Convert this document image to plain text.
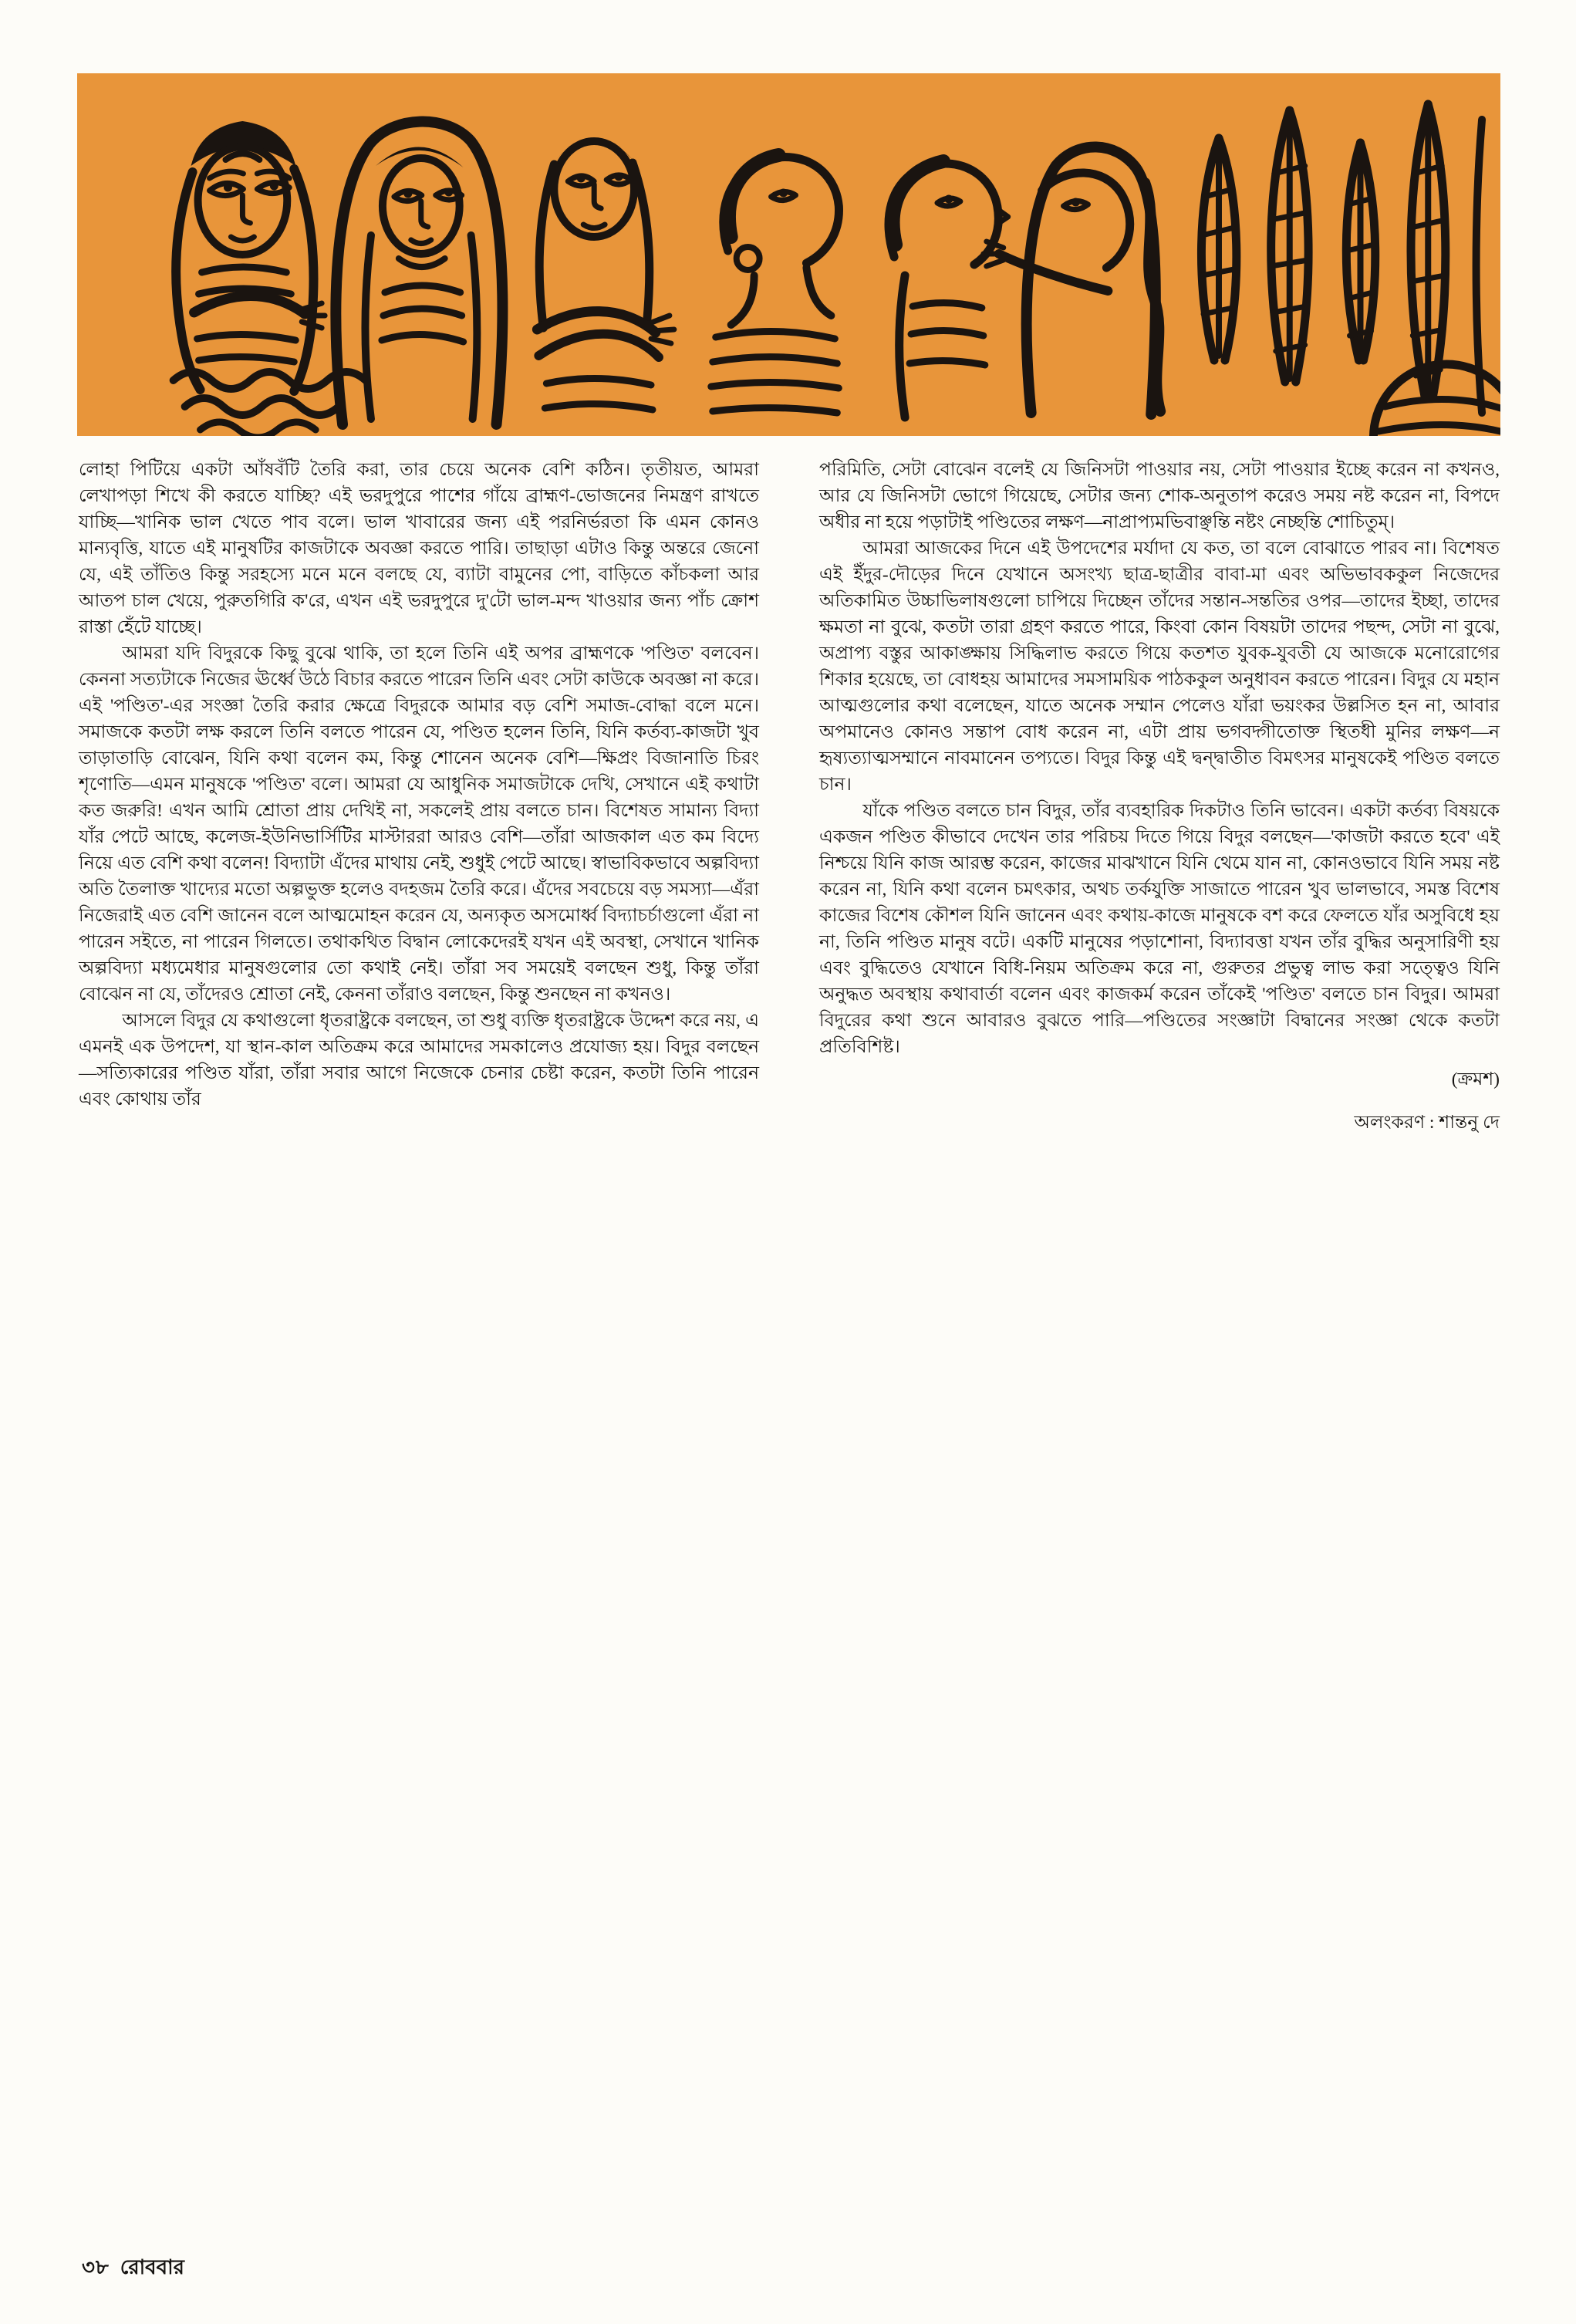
লোহা পিটিয়ে একটা আঁষবঁটি তৈরি করা, তার চেয়ে অনেক বেশি কঠিন। তৃতীয়ত, আমরা লেখাপড়া শিখে কী করতে যাচ্ছি? এই ভরদুপুরে পাশের গাঁয়ে ব্রাহ্মণ-ভোজনের নিমন্ত্রণ রাখতে যাচ্ছি—খানিক ভাল খেতে পাব বলে। ভাল খাবারের জন্য এই পরনির্ভরতা কি এমন কোনও মান্যবৃত্তি, যাতে এই মানুষটির কাজটাকে অবজ্ঞা করতে পারি। তাছাড়া এটাও কিন্তু অন্তরে জেনো যে, এই তাঁতিও কিন্তু সরহস্যে মনে মনে বলছে যে, ব্যাটা বামুনের পো, বাড়িতে কাঁচকলা আর আতপ চাল খেয়ে, পুরুতগিরি ক'রে, এখন এই ভরদুপুরে দু'টো ভাল-মন্দ খাওয়ার জন্য পাঁচ ক্রোশ রাস্তা হেঁটে যাচ্ছে।

আমরা যদি বিদুরকে কিছু বুঝে থাকি, তা হলে তিনি এই অপর ব্রাহ্মণকে 'পণ্ডিত' বলবেন। কেননা সত্যটাকে নিজের ঊর্ধ্বে উঠে বিচার করতে পারেন তিনি এবং সেটা কাউকে অবজ্ঞা না করে। এই 'পণ্ডিত'-এর সংজ্ঞা তৈরি করার ক্ষেত্রে বিদুরকে আমার বড় বেশি সমাজ-বোদ্ধা বলে মনে। সমাজকে কতটা লক্ষ করলে তিনি বলতে পারেন যে, পণ্ডিত হলেন তিনি, যিনি কর্তব্য-কাজটা খুব তাড়াতাড়ি বোঝেন, যিনি কথা বলেন কম, কিন্তু শোনেন অনেক বেশি—ক্ষিপ্রং বিজানাতি চিরং শৃণোতি—এমন মানুষকে 'পণ্ডিত' বলে। আমরা যে আধুনিক সমাজটাকে দেখি, সেখানে এই কথাটা কত জরুরি! এখন আমি শ্রোতা প্রায় দেখিই না, সকলেই প্রায় বলতে চান। বিশেষত সামান্য বিদ্যা যাঁর পেটে আছে, কলেজ-ইউনিভার্সিটির মাস্টাররা আরও বেশি—তাঁরা আজকাল এত কম বিদ্যে নিয়ে এত বেশি কথা বলেন! বিদ্যাটা এঁদের মাথায় নেই, শুধুই পেটে আছে। স্বাভাবিকভাবে অল্পবিদ্যা অতি তৈলাক্ত খাদ্যের মতো অল্পভুক্ত হলেও বদহজম তৈরি করে। এঁদের সবচেয়ে বড় সমস্যা—এঁরা নিজেরাই এত বেশি জানেন বলে আত্মমোহন করেন যে, অন্যকৃত অসমোর্ধ্ব বিদ্যাচর্চাগুলো এঁরা না পারেন সইতে, না পারেন গিলতে। তথাকথিত বিদ্বান লোকেদেরই যখন এই অবস্থা, সেখানে খানিক অল্পবিদ্যা মধ্যমেধার মানুষগুলোর তো কথাই নেই। তাঁরা সব সময়েই বলছেন শুধু, কিন্তু তাঁরা বোঝেন না যে, তাঁদেরও শ্রোতা নেই, কেননা তাঁরাও বলছেন, কিন্তু শুনছেন না কখনও।

আসলে বিদুর যে কথাগুলো ধৃতরাষ্ট্রকে বলছেন, তা শুধু ব্যক্তি ধৃতরাষ্ট্রকে উদ্দেশ করে নয়, এ এমনই এক উপদেশ, যা স্থান-কাল অতিক্রম করে আমাদের সমকালেও প্রযোজ্য হয়। বিদুর বলছেন—সত্যিকারের পণ্ডিত যাঁরা, তাঁরা সবার আগে নিজেকে চেনার চেষ্টা করেন, কতটা তিনি পারেন এবং কোথায় তাঁর

পরিমিতি, সেটা বোঝেন বলেই যে জিনিসটা পাওয়ার নয়, সেটা পাওয়ার ইচ্ছে করেন না কখনও, আর যে জিনিসটা ভোগে গিয়েছে, সেটার জন্য শোক-অনুতাপ করেও সময় নষ্ট করেন না, বিপদে অধীর না হয়ে পড়াটাই পণ্ডিতের লক্ষণ—নাপ্রাপ্যমভিবাঞ্ছন্তি নষ্টং নেচ্ছন্তি শোচিতুম্‌।

আমরা আজকের দিনে এই উপদেশের মর্যাদা যে কত, তা বলে বোঝাতে পারব না। বিশেষত এই ইঁদুর-দৌড়ের দিনে যেখানে অসংখ্য ছাত্র-ছাত্রীর বাবা-মা এবং অভিভাবককুল নিজেদের অতিকামিত উচ্চাভিলাষগুলো চাপিয়ে দিচ্ছেন তাঁদের সন্তান-সন্ততির ওপর—তাদের ইচ্ছা, তাদের ক্ষমতা না বুঝে, কতটা তারা গ্রহণ করতে পারে, কিংবা কোন বিষয়টা তাদের পছন্দ, সেটা না বুঝে, অপ্রাপ্য বস্তুর আকাঙ্ক্ষায় সিদ্ধিলাভ করতে গিয়ে কতশত যুবক-যুবতী যে আজকে মনোরোগের শিকার হয়েছে, তা বোধহয় আমাদের সমসাময়িক পাঠককুল অনুধাবন করতে পারেন। বিদুর যে মহান আত্মগুলোর কথা বলেছেন, যাতে অনেক সম্মান পেলেও যাঁরা ভয়ংকর উল্লসিত হন না, আবার অপমানেও কোনও সন্তাপ বোধ করেন না, এটা প্রায় ভগবদ্গীতোক্ত স্থিতধী মুনির লক্ষণ—ন হৃষ্যত্যাত্মসম্মানে নাবমানেন তপ্যতে। বিদুর কিন্তু এই দ্বন্দ্বাতীত বিমৎসর মানুষকেই পণ্ডিত বলতে চান।

যাঁকে পণ্ডিত বলতে চান বিদুর, তাঁর ব্যবহারিক দিকটাও তিনি ভাবেন। একটা কর্তব্য বিষয়কে একজন পণ্ডিত কীভাবে দেখেন তার পরিচয় দিতে গিয়ে বিদুর বলছেন—'কাজটা করতে হবে' এই নিশ্চয়ে যিনি কাজ আরম্ভ করেন, কাজের মাঝখানে যিনি থেমে যান না, কোনওভাবে যিনি সময় নষ্ট করেন না, যিনি কথা বলেন চমৎকার, অথচ তর্কযুক্তি সাজাতে পারেন খুব ভালভাবে, সমস্ত বিশেষ কাজের বিশেষ কৌশল যিনি জানেন এবং কথায়-কাজে মানুষকে বশ করে ফেলতে যাঁর অসুবিধে হয় না, তিনি পণ্ডিত মানুষ বটে। একটি মানুষের পড়াশোনা, বিদ্যাবত্তা যখন তাঁর বুদ্ধির অনুসারিণী হয় এবং বুদ্ধিতেও যেখানে বিধি-নিয়ম অতিক্রম করে না, গুরুতর প্রভুত্ব লাভ করা সত্ত্বেও যিনি অনুদ্ধত অবস্থায় কথাবার্তা বলেন এবং কাজকর্ম করেন তাঁকেই 'পণ্ডিত' বলতে চান বিদুর। আমরা বিদুরের কথা শুনে আবারও বুঝতে পারি—পণ্ডিতের সংজ্ঞাটা বিদ্বানের সংজ্ঞা থেকে কতটা প্রতিবিশিষ্ট।

(ক্রমশ)

অলংকরণ : শান্তনু দে

৩৮ রোববার
